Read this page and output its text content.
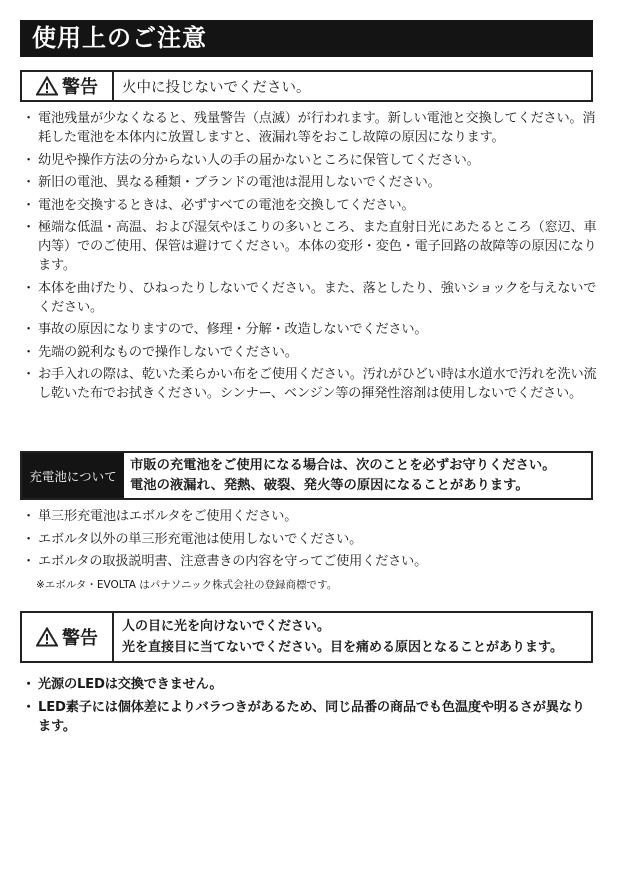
使用上のご注意
警告 火中に投じないでください。
・ 電池残量が少なくなると、残量警告（点滅）が行われます。新しい電池と交換してください。消耗した電池を本体内に放置しますと、液漏れ等をおこし故障の原因になります。
・ 幼児や操作方法の分からない人の手の届かないところに保管してください。
・ 新旧の電池、異なる種類・ブランドの電池は混用しないでください。
・ 電池を交換するときは、必ずすべての電池を交換してください。
・ 極端な低温・高温、および湿気やほこりの多いところ、また直射日光にあたるところ（窓辺、車内等）でのご使用、保管は避けてください。本体の変形・変色・電子回路の故障等の原因になります。
・ 本体を曲げたり、ひねったりしないでください。また、落としたり、強いショックを与えないでください。
・ 事故の原因になりますので、修理・分解・改造しないでください。
・ 先端の鋭利なもので操作しないでください。
・ お手入れの際は、乾いた柔らかい布をご使用ください。汚れがひどい時は水道水で汚れを洗い流し乾いた布でお拭きください。シンナー、ベンジン等の揮発性溶剤は使用しないでください。
充電池について
市販の充電池をご使用になる場合は、次のことを必ずお守りください。
電池の液漏れ、発熱、破裂、発火等の原因になることがあります。
・ 単三形充電池はエボルタをご使用ください。
・ エボルタ以外の単三形充電池は使用しないでください。
・ エボルタの取扱説明書、注意書きの内容を守ってご使用ください。
※エボルタ・EVOLTA はパナソニック株式会社の登録商標です。
警告
人の目に光を向けないでください。
光を直接目に当てないでください。目を痛める原因となることがあります。
・ 光源のLEDは交換できません。
・ LED素子には個体差によりバラつきがあるため、同じ品番の商品でも色温度や明るさが異なります。
